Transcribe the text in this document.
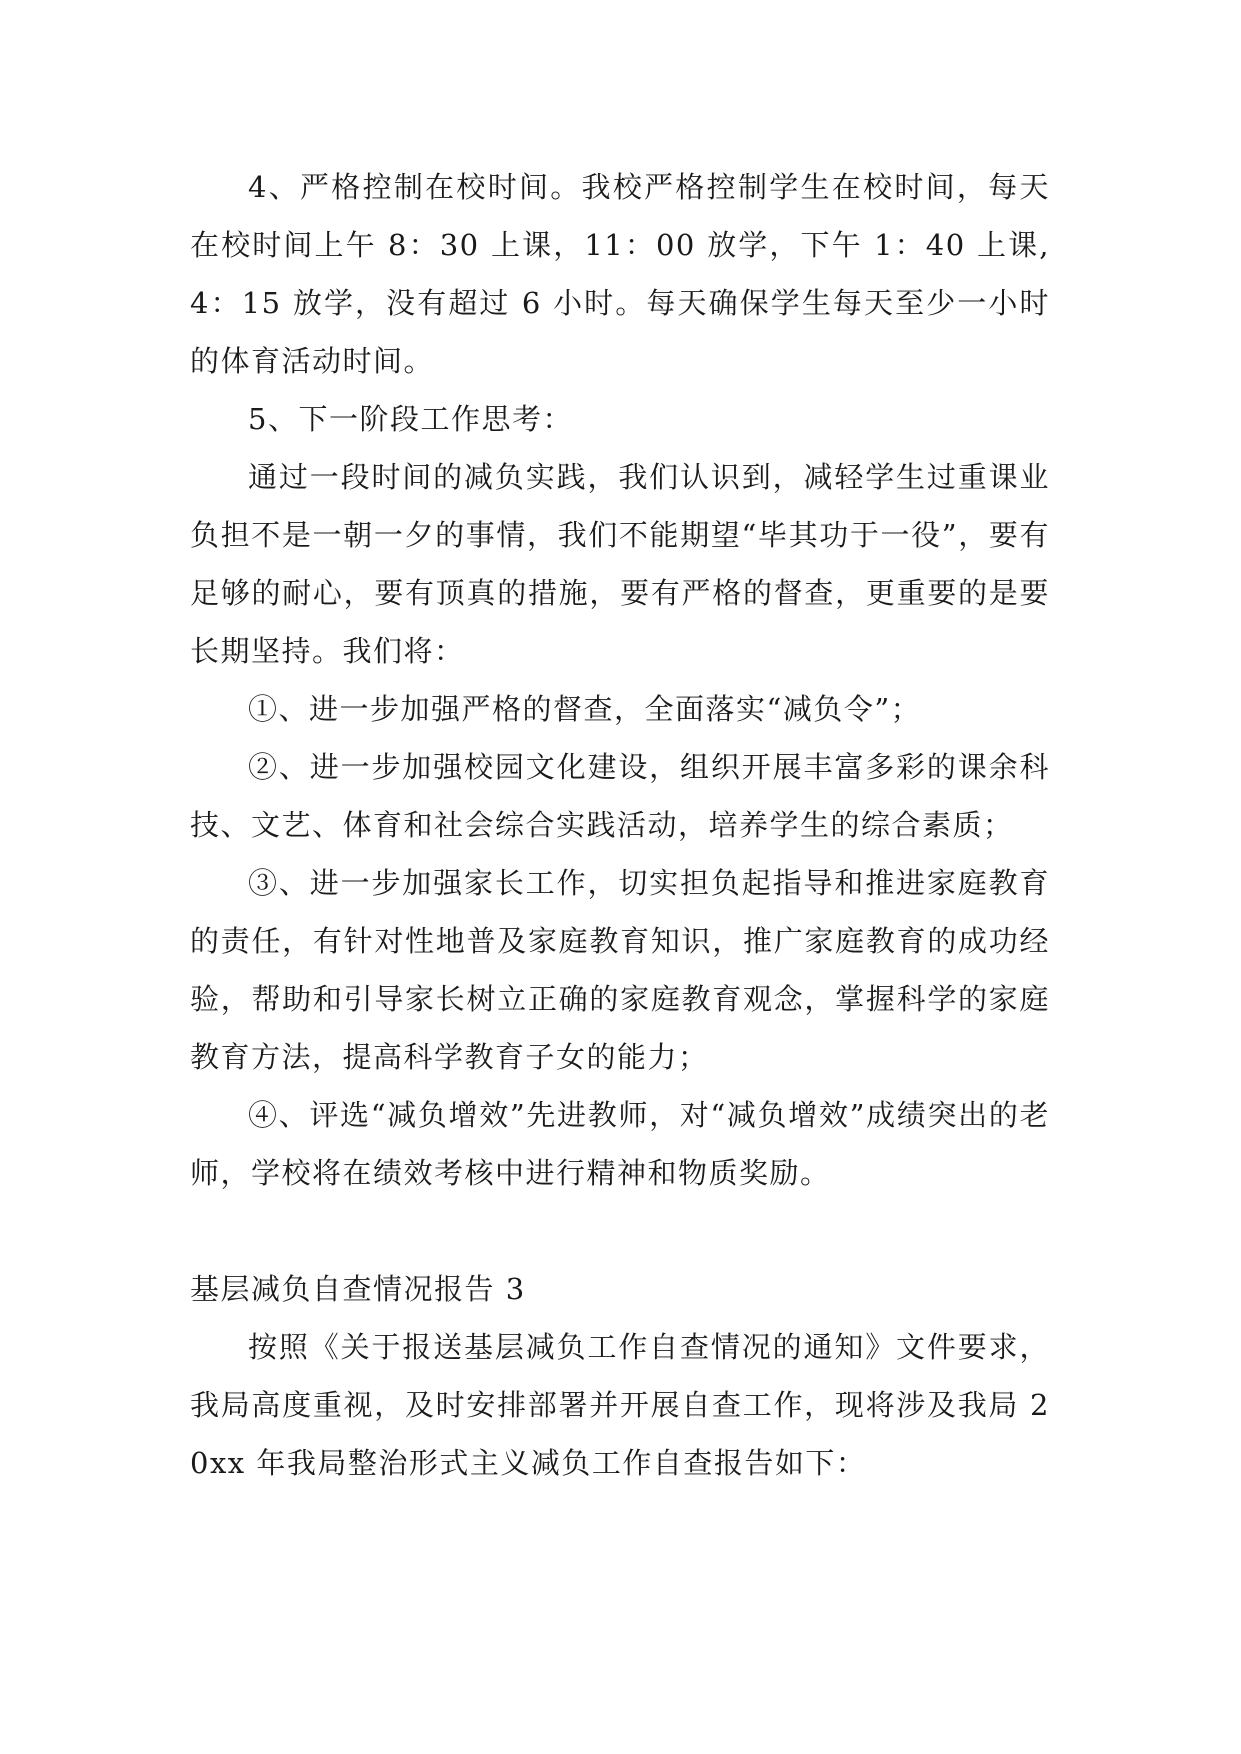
4、严格控制在校时间。我校严格控制学生在校时间，每天在校时间上午 8：30 上课，11：00 放学，下午 1：40 上课,4：15 放学，没有超过 6 小时。每天确保学生每天至少一小时的体育活动时间。

5、下一阶段工作思考：

通过一段时间的减负实践，我们认识到，减轻学生过重课业负担不是一朝一夕的事情，我们不能期望“毕其功于一役”，要有足够的耐心，要有顶真的措施，要有严格的督查，更重要的是要长期坚持。我们将：

①、进一步加强严格的督查，全面落实“减负令”；

②、进一步加强校园文化建设，组织开展丰富多彩的课余科技、文艺、体育和社会综合实践活动，培养学生的综合素质；

③、进一步加强家长工作，切实担负起指导和推进家庭教育的责任，有针对性地普及家庭教育知识，推广家庭教育的成功经验，帮助和引导家长树立正确的家庭教育观念，掌握科学的家庭教育方法，提高科学教育子女的能力；

④、评选“减负增效”先进教师，对“减负增效”成绩突出的老师，学校将在绩效考核中进行精神和物质奖励。

基层减负自查情况报告 3

按照《关于报送基层减负工作自查情况的通知》文件要求，我局高度重视，及时安排部署并开展自查工作，现将涉及我局 20xx 年我局整治形式主义减负工作自查报告如下：
